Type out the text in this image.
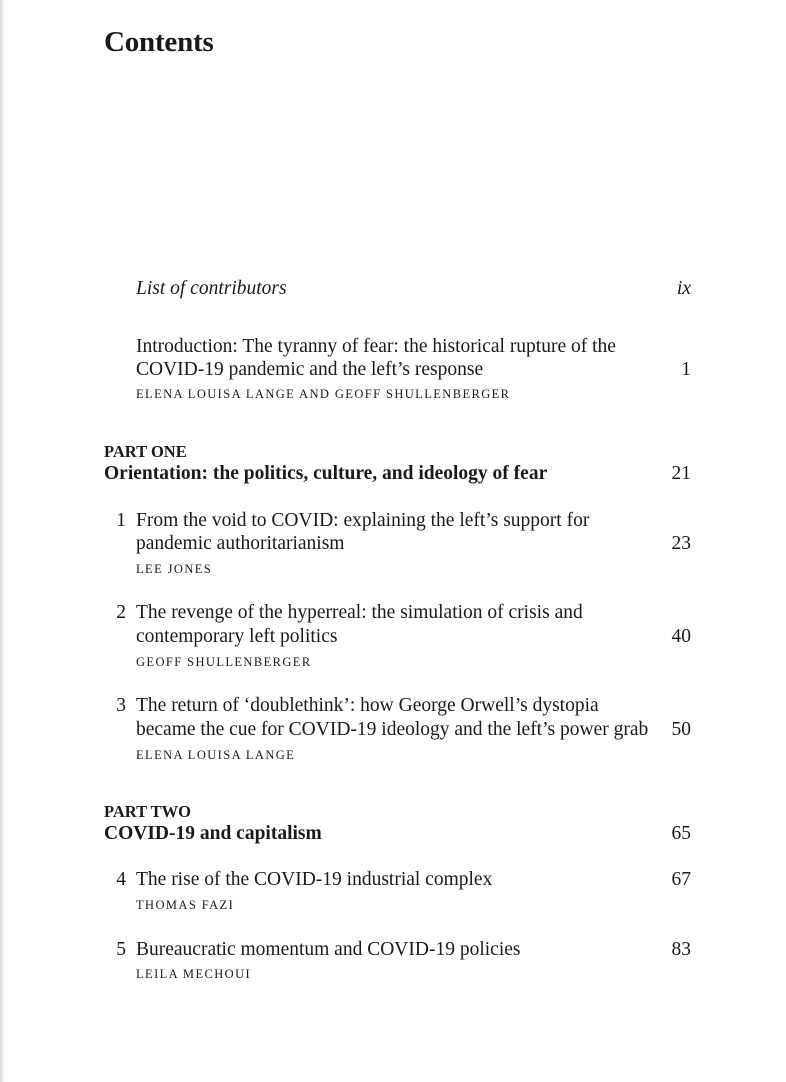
Contents
List of contributors	ix
Introduction: The tyranny of fear: the historical rupture of the
COVID-19 pandemic and the left’s response	1
ELENA LOUISA LANGE AND GEOFF SHULLENBERGER
PART ONE
Orientation: the politics, culture, and ideology of fear	21
1 From the void to COVID: explaining the left’s support for
pandemic authoritarianism	23
LEE JONES
2 The revenge of the hyperreal: the simulation of crisis and
contemporary left politics	40
GEOFF SHULLENBERGER
3 The return of ‘doublethink’: how George Orwell’s dystopia
became the cue for COVID-19 ideology and the left’s power grab 50
ELENA LOUISA LANGE
PART TWO
COVID-19 and capitalism	65
4 The rise of the COVID-19 industrial complex	67
THOMAS FAZI
5 Bureaucratic momentum and COVID-19 policies	83
LEILA MECHOUI
